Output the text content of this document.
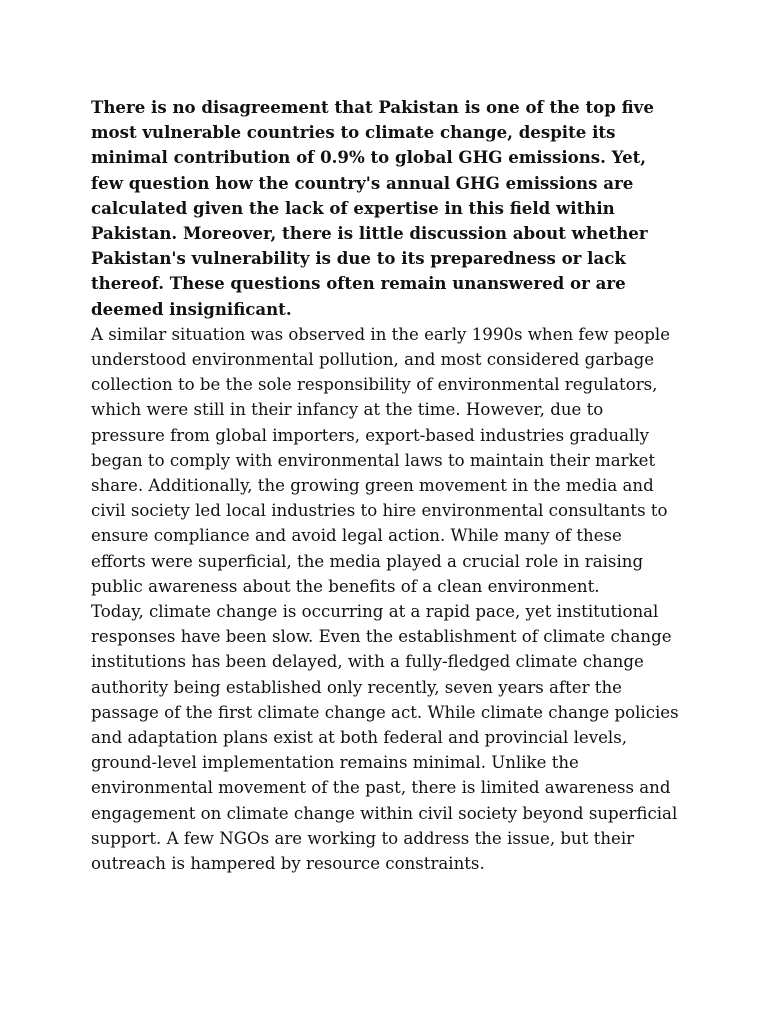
There is no disagreement that Pakistan is one of the top five most vulnerable countries to climate change, despite its minimal contribution of 0.9% to global GHG emissions. Yet, few question how the country's annual GHG emissions are calculated given the lack of expertise in this field within Pakistan. Moreover, there is little discussion about whether Pakistan's vulnerability is due to its preparedness or lack thereof. These questions often remain unanswered or are deemed insignificant.

A similar situation was observed in the early 1990s when few people understood environmental pollution, and most considered garbage collection to be the sole responsibility of environmental regulators, which were still in their infancy at the time. However, due to pressure from global importers, export-based industries gradually began to comply with environmental laws to maintain their market share. Additionally, the growing green movement in the media and civil society led local industries to hire environmental consultants to ensure compliance and avoid legal action. While many of these efforts were superficial, the media played a crucial role in raising public awareness about the benefits of a clean environment.

Today, climate change is occurring at a rapid pace, yet institutional responses have been slow. Even the establishment of climate change institutions has been delayed, with a fully-fledged climate change authority being established only recently, seven years after the passage of the first climate change act. While climate change policies and adaptation plans exist at both federal and provincial levels, ground-level implementation remains minimal. Unlike the environmental movement of the past, there is limited awareness and engagement on climate change within civil society beyond superficial support. A few NGOs are working to address the issue, but their outreach is hampered by resource constraints.
